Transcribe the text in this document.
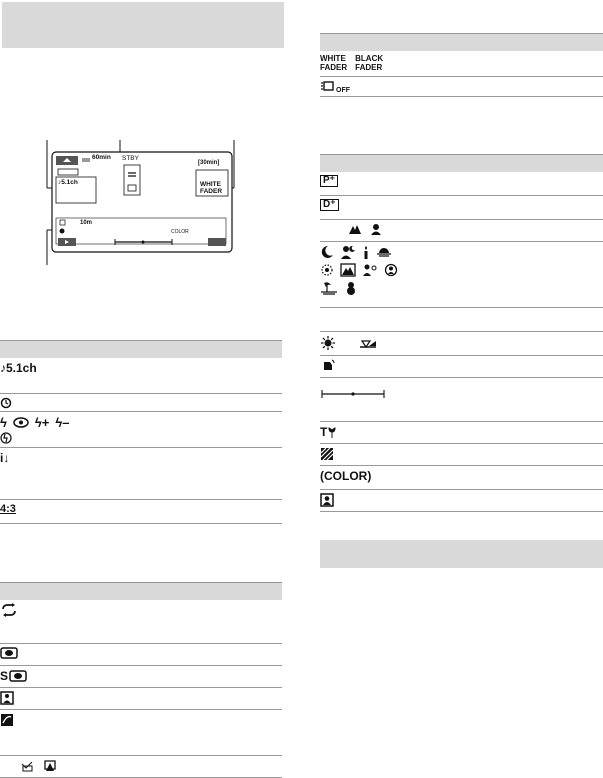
60min STBY
[30min]
WHITE
FADER
♪5.1ch
10m
COLOR
♪5.1ch
ϟ ϟ+ ϟ–
i↓
4:3
S
WHITE
FADER
BLACK
FADER
OFF
P⁺
D⁺
T
(COLOR)
